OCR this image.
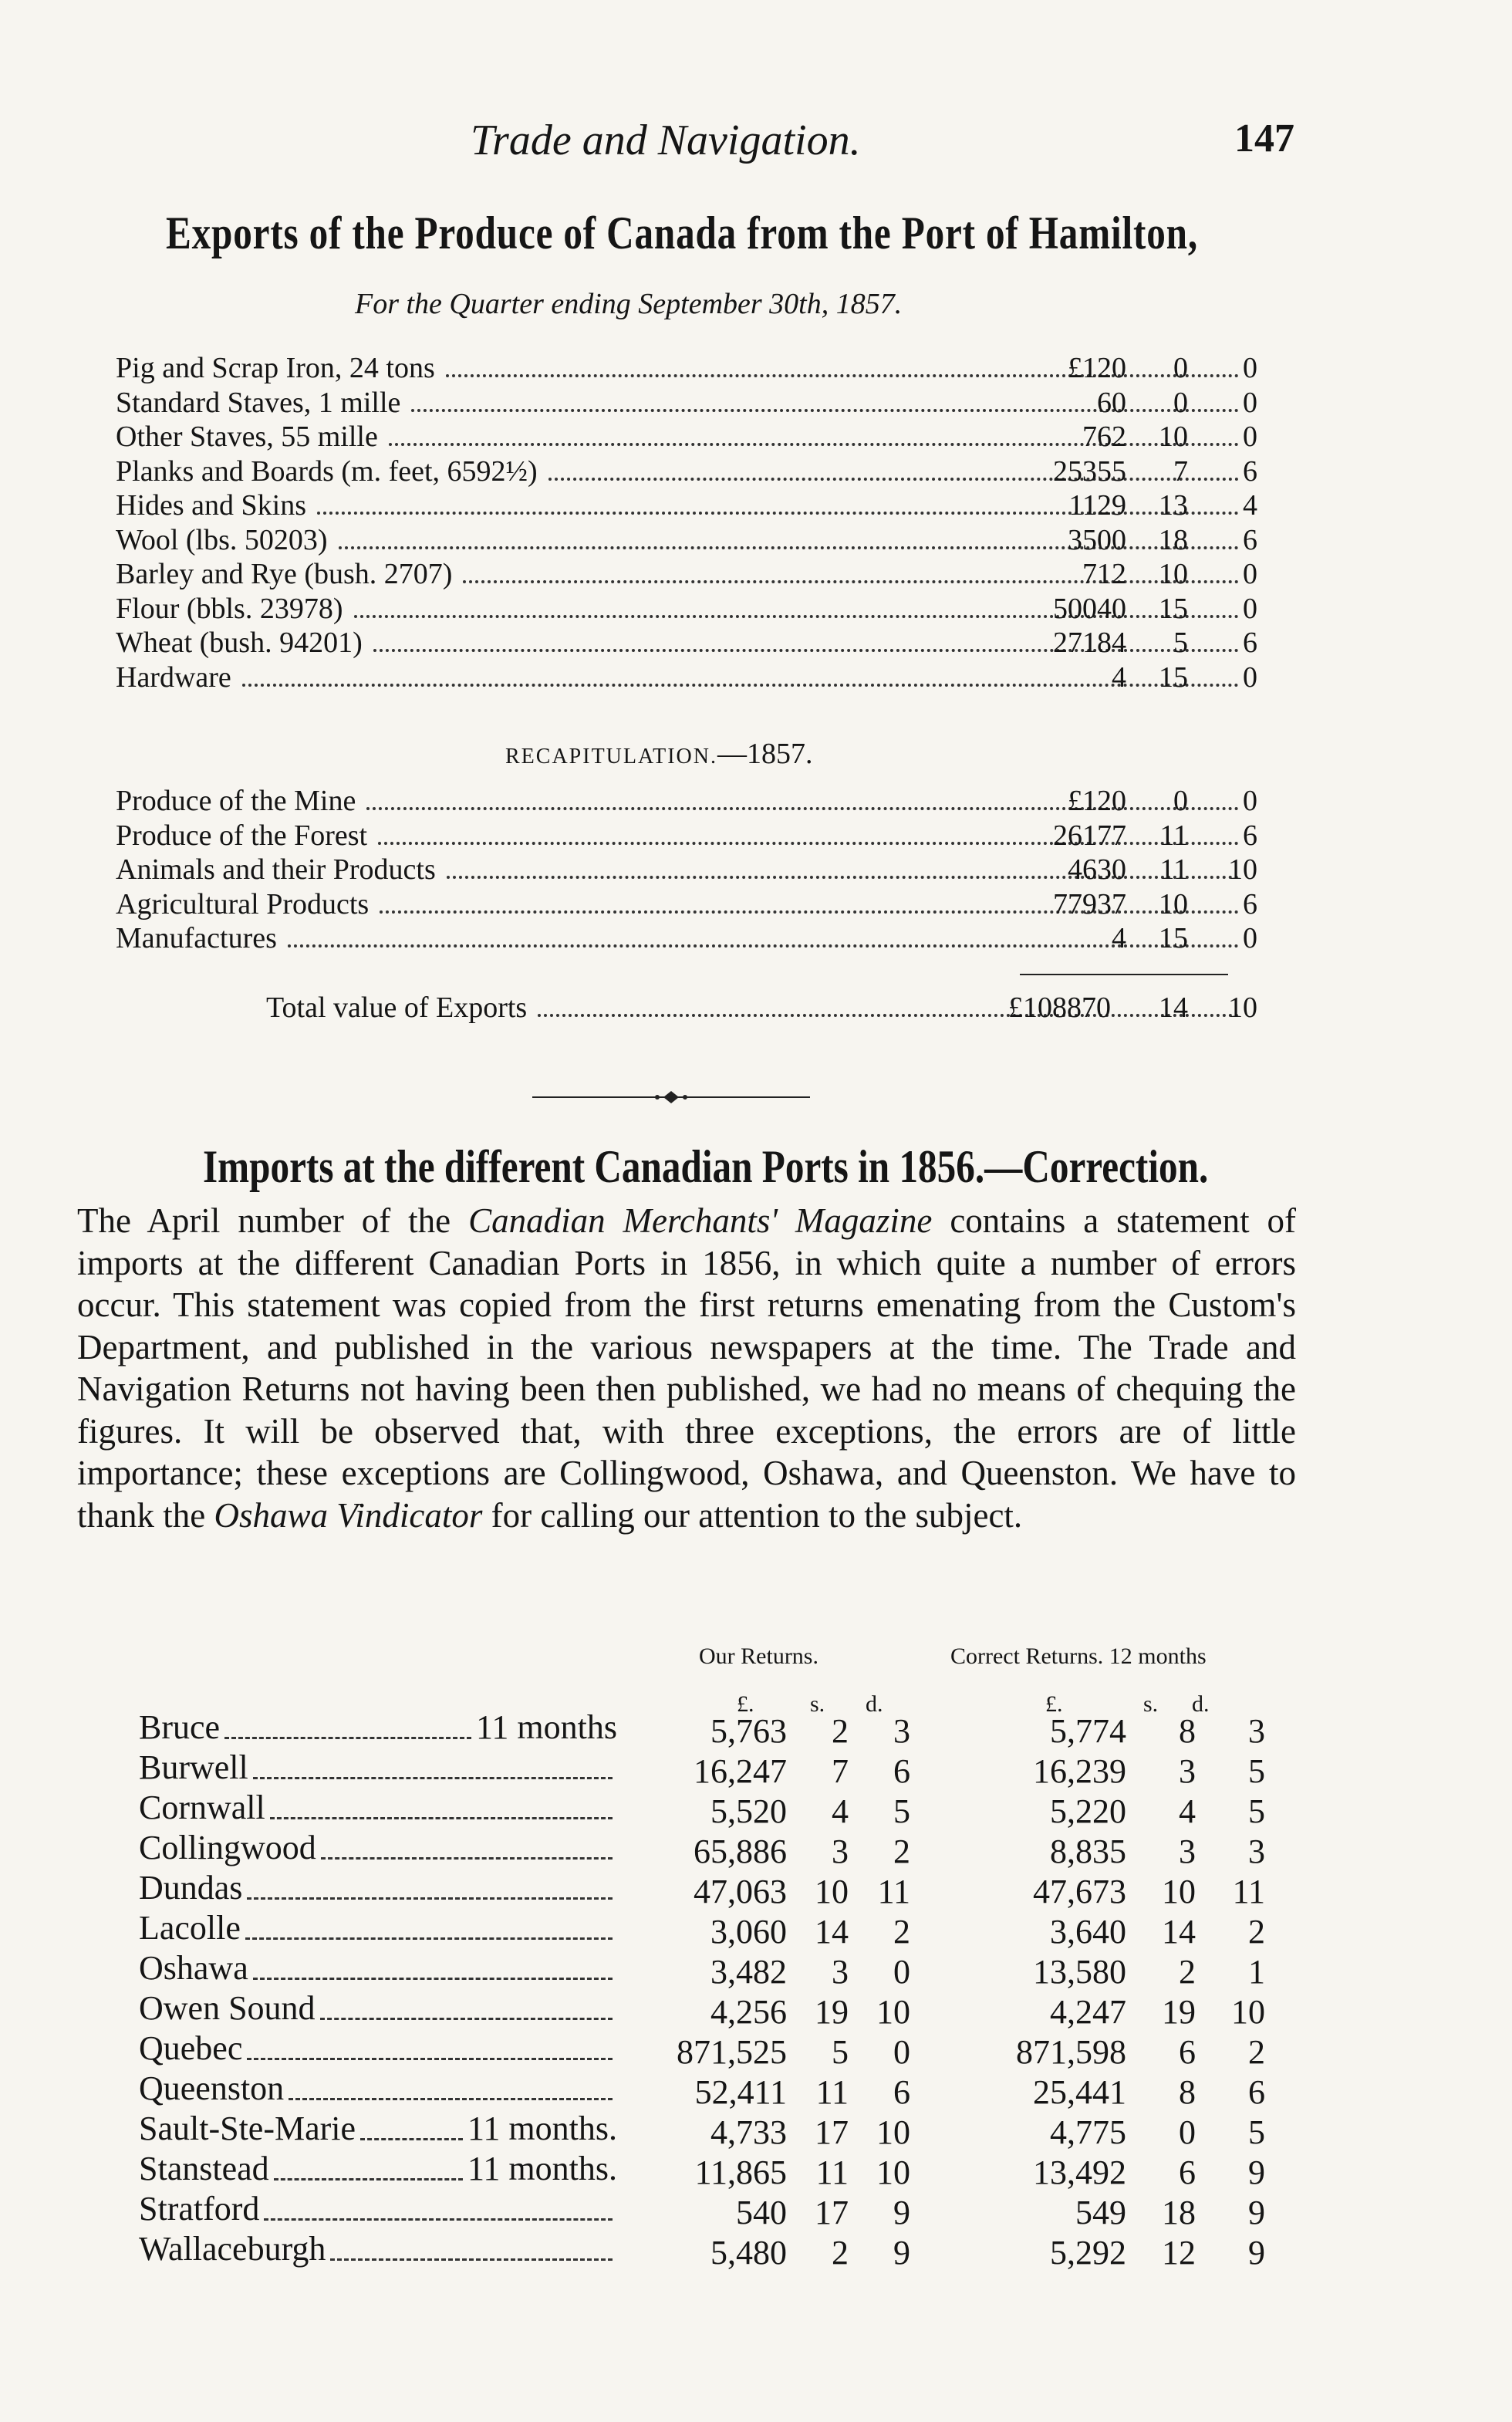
Trade and Navigation.	147
Exports of the Produce of Canada from the Port of Hamilton,
For the Quarter ending September 30th, 1857.
Pig and Scrap Iron, 24 tons	£120	0	0
Standard Staves, 1 mille	60	0	0
Other Staves, 55 mille	762	10	0
Planks and Boards (m. feet, 6592½)	25355	7	6
Hides and Skins	1129	13	4
Wool (lbs. 50203)	3500	18	6
Barley and Rye (bush. 2707)	712	10	0
Flour (bbls. 23978)	50040	15	0
Wheat (bush. 94201)	27184	5	6
Hardware	4	15	0
RECAPITULATION.—1857.
Produce of the Mine	£120	0	0
Produce of the Forest	26177	11	6
Animals and their Products	4630	11	10
Agricultural Products	77937	10	6
Manufactures	4	15	0
Total value of Exports	£108870	14	10
Imports at the different Canadian Ports in 1856.—Correction.

The April number of the Canadian Merchants' Magazine contains a statement of imports at the different Canadian Ports in 1856, in which quite a number of errors occur. This statement was copied from the first returns emenating from the Custom's Department, and published in the various newspapers at the time. The Trade and Navigation Returns not having been then published, we had no means of chequing the figures. It will be observed that, with three exceptions, the errors are of little importance; these exceptions are Collingwood, Oshawa, and Queenston. We have to thank the Oshawa Vindicator for calling our attention to the subject.

Our Returns.	Correct Returns. 12 months
£. s. d.	£.	s. d.
Bruce	11 months	5,763	2	3	5,774	8	3
Burwell	16,247	7	6	16,239	3	5
Cornwall	5,520	4	5	5,220	4	5
Collingwood	65,886	3	2	8,835	3	3
Dundas	47,063 10 11	47,673	10	11
Lacolle	3,060 14	2	3,640	14	2
Oshawa	3,482	3	0	13,580	2	1
Owen Sound	4,256 19 10	4,247	19	10
Quebec	871,525	5	0	871,598	6	2
Queenston	52,411 11	6	25,441	8	6
Sault-Ste-Marie	11 months.	4,733 17 10	4,775	0	5
Stanstead	11 months.	11,865 11 10	13,492	6	9
Stratford	540 17	9	549	18	9
Wallaceburgh	5,480	2	9	5,292	12	9
